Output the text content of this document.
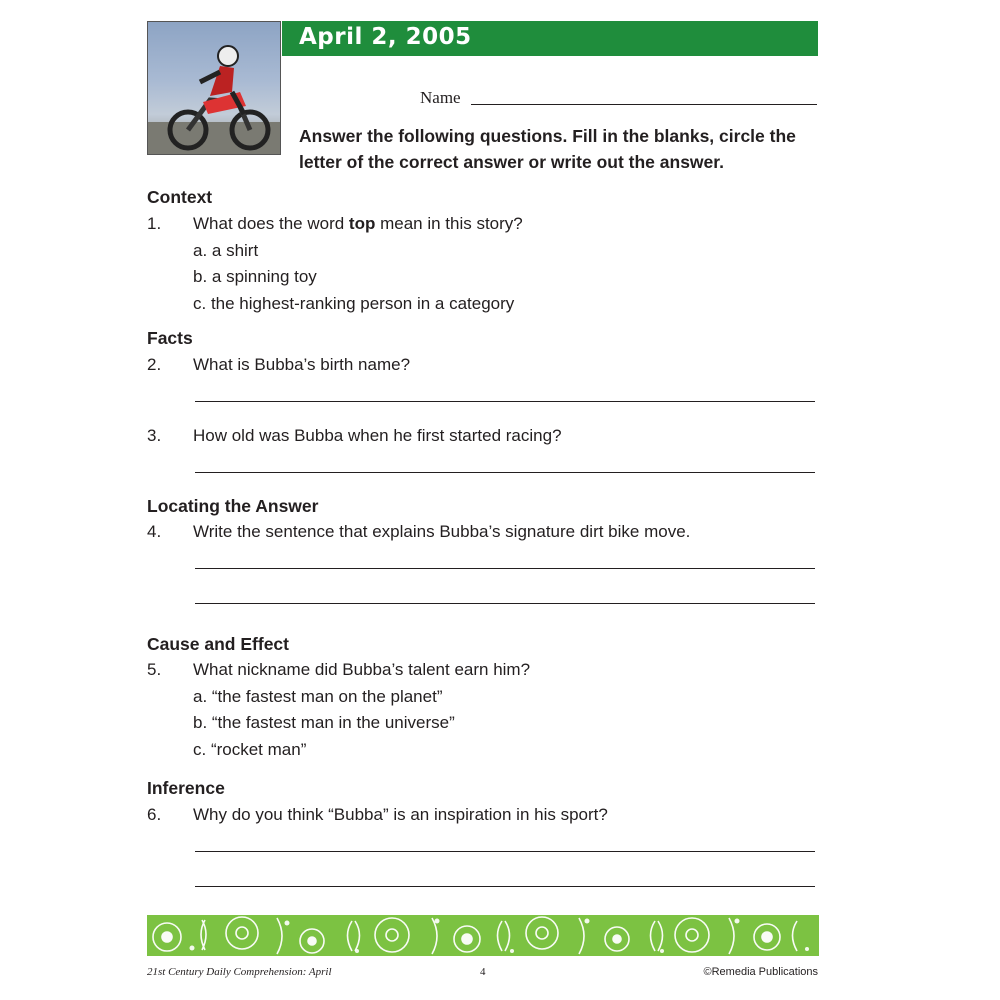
April 2, 2005
Name
Answer the following questions. Fill in the blanks, circle the letter of the correct answer or write out the answer.
Context
1. What does the word top mean in this story?
a. a shirt
b. a spinning toy
c. the highest-ranking person in a category
Facts
2. What is Bubba’s birth name?
3. How old was Bubba when he first started racing?
Locating the Answer
4. Write the sentence that explains Bubba’s signature dirt bike move.
Cause and Effect
5. What nickname did Bubba’s talent earn him?
a. “the fastest man on the planet”
b. “the fastest man in the universe”
c. “rocket man”
Inference
6. Why do you think “Bubba” is an inspiration in his sport?
21st Century Daily Comprehension: April	4	©Remedia Publications
